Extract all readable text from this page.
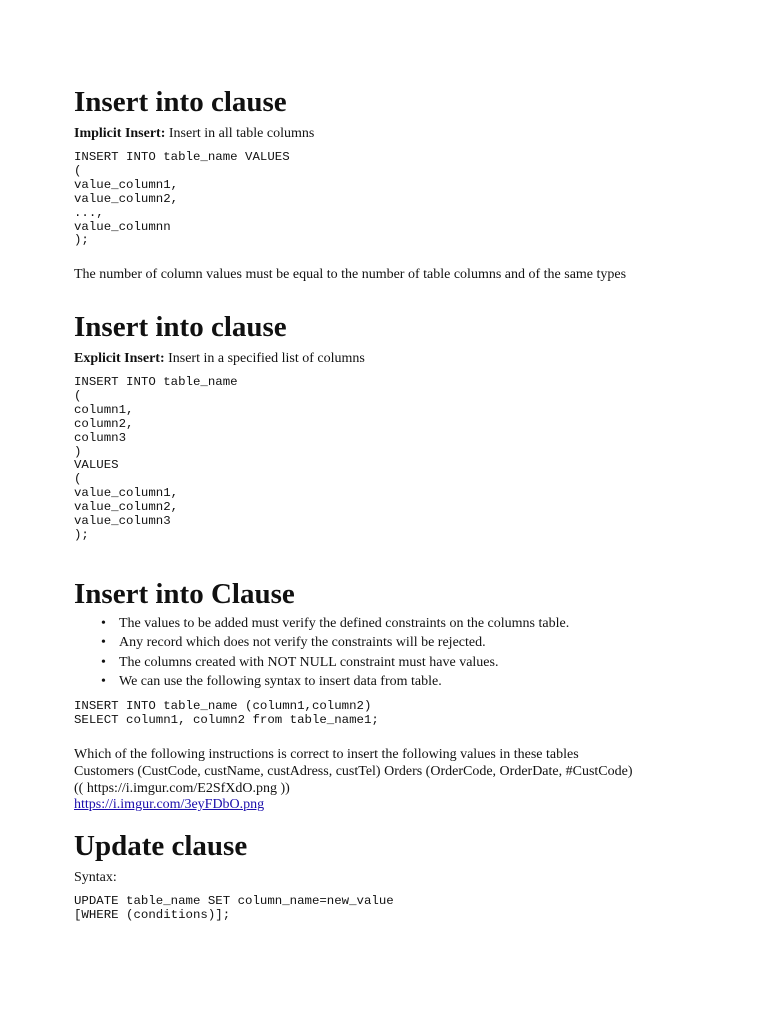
Insert into clause

Implicit Insert: Insert in all table columns

INSERT INTO table_name VALUES
(
value_column1,
value_column2,
...,
value_columnn
);

The number of column values must be equal to the number of table columns and of the same types

Insert into clause

Explicit Insert: Insert in a specified list of columns

INSERT INTO table_name
(
column1,
column2,
column3
)
VALUES
(
value_column1,
value_column2,
value_column3
);
Insert into Clause
• The values to be added must verify the defined constraints on the columns table.
• Any record which does not verify the constraints will be rejected.
• The columns created with NOT NULL constraint must have values.
• We can use the following syntax to insert data from table.
INSERT INTO table_name (column1,column2)
SELECT column1, column2 from table_name1;

Which of the following instructions is correct to insert the following values in these tables

Customers (CustCode, custName, custAdress, custTel) Orders (OrderCode, OrderDate, #CustCode)

(( https://i.imgur.com/E2SfXdO.png ))

https://i.imgur.com/3eyFDbO.png

Update clause

Syntax:

UPDATE table_name SET column_name=new_value
[WHERE (conditions)];
